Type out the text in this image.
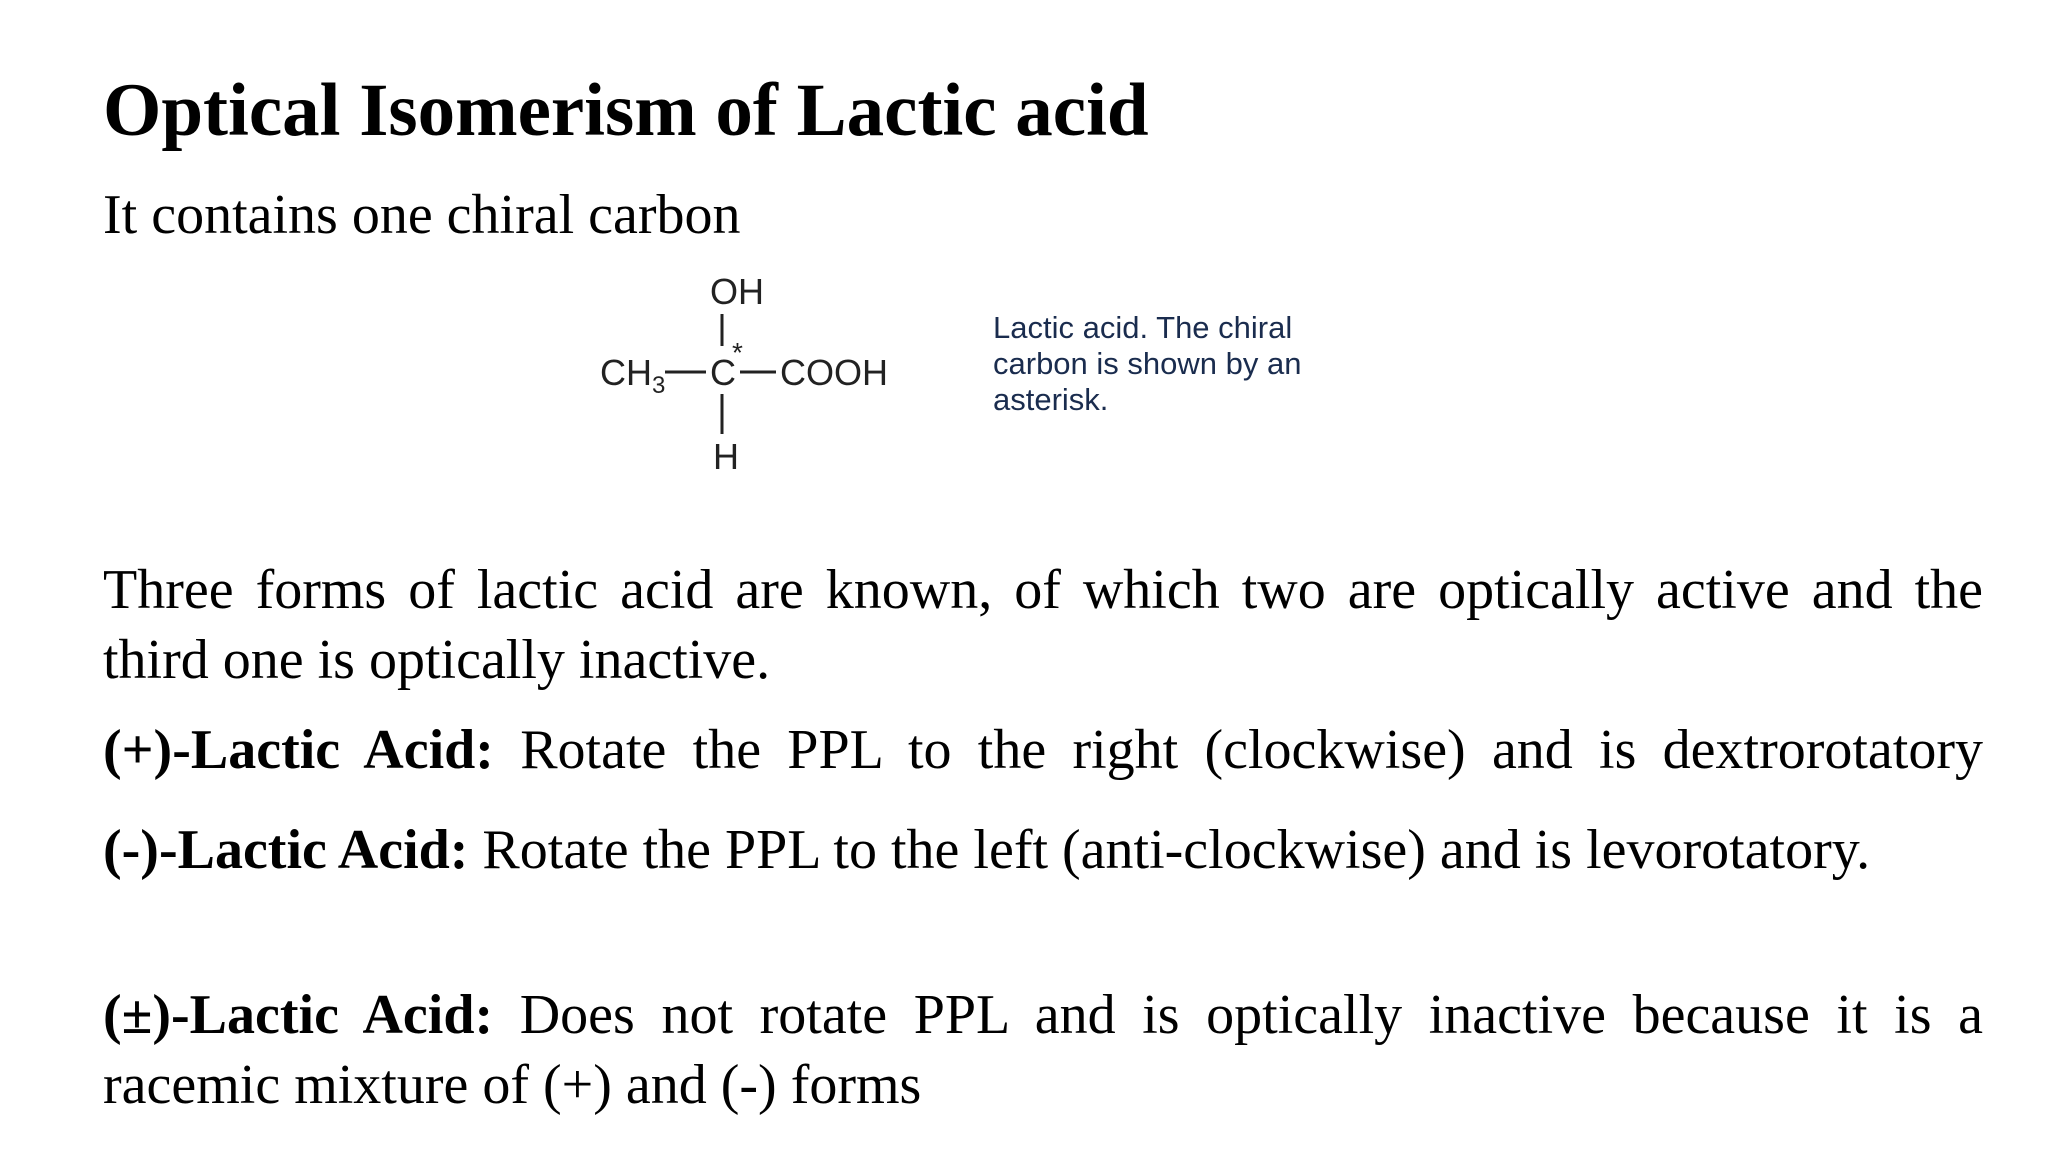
Optical Isomerism of Lactic acid
It contains one chiral carbon
OH
$CH_3$ C
* COOH
H
Lactic acid. The chiral carbon is shown by an asterisk.
Three forms of lactic acid are known, of which two are optically active and the third one is optically inactive.
(+)-Lactic Acid: Rotate the PPL to the right (clockwise) and is dextrorotatory
(-)-Lactic Acid: Rotate the PPL to the left (anti-clockwise) and is levorotatory.
(±)-Lactic Acid: Does not rotate PPL and is optically inactive because it is a racemic mixture of (+) and (-) forms
